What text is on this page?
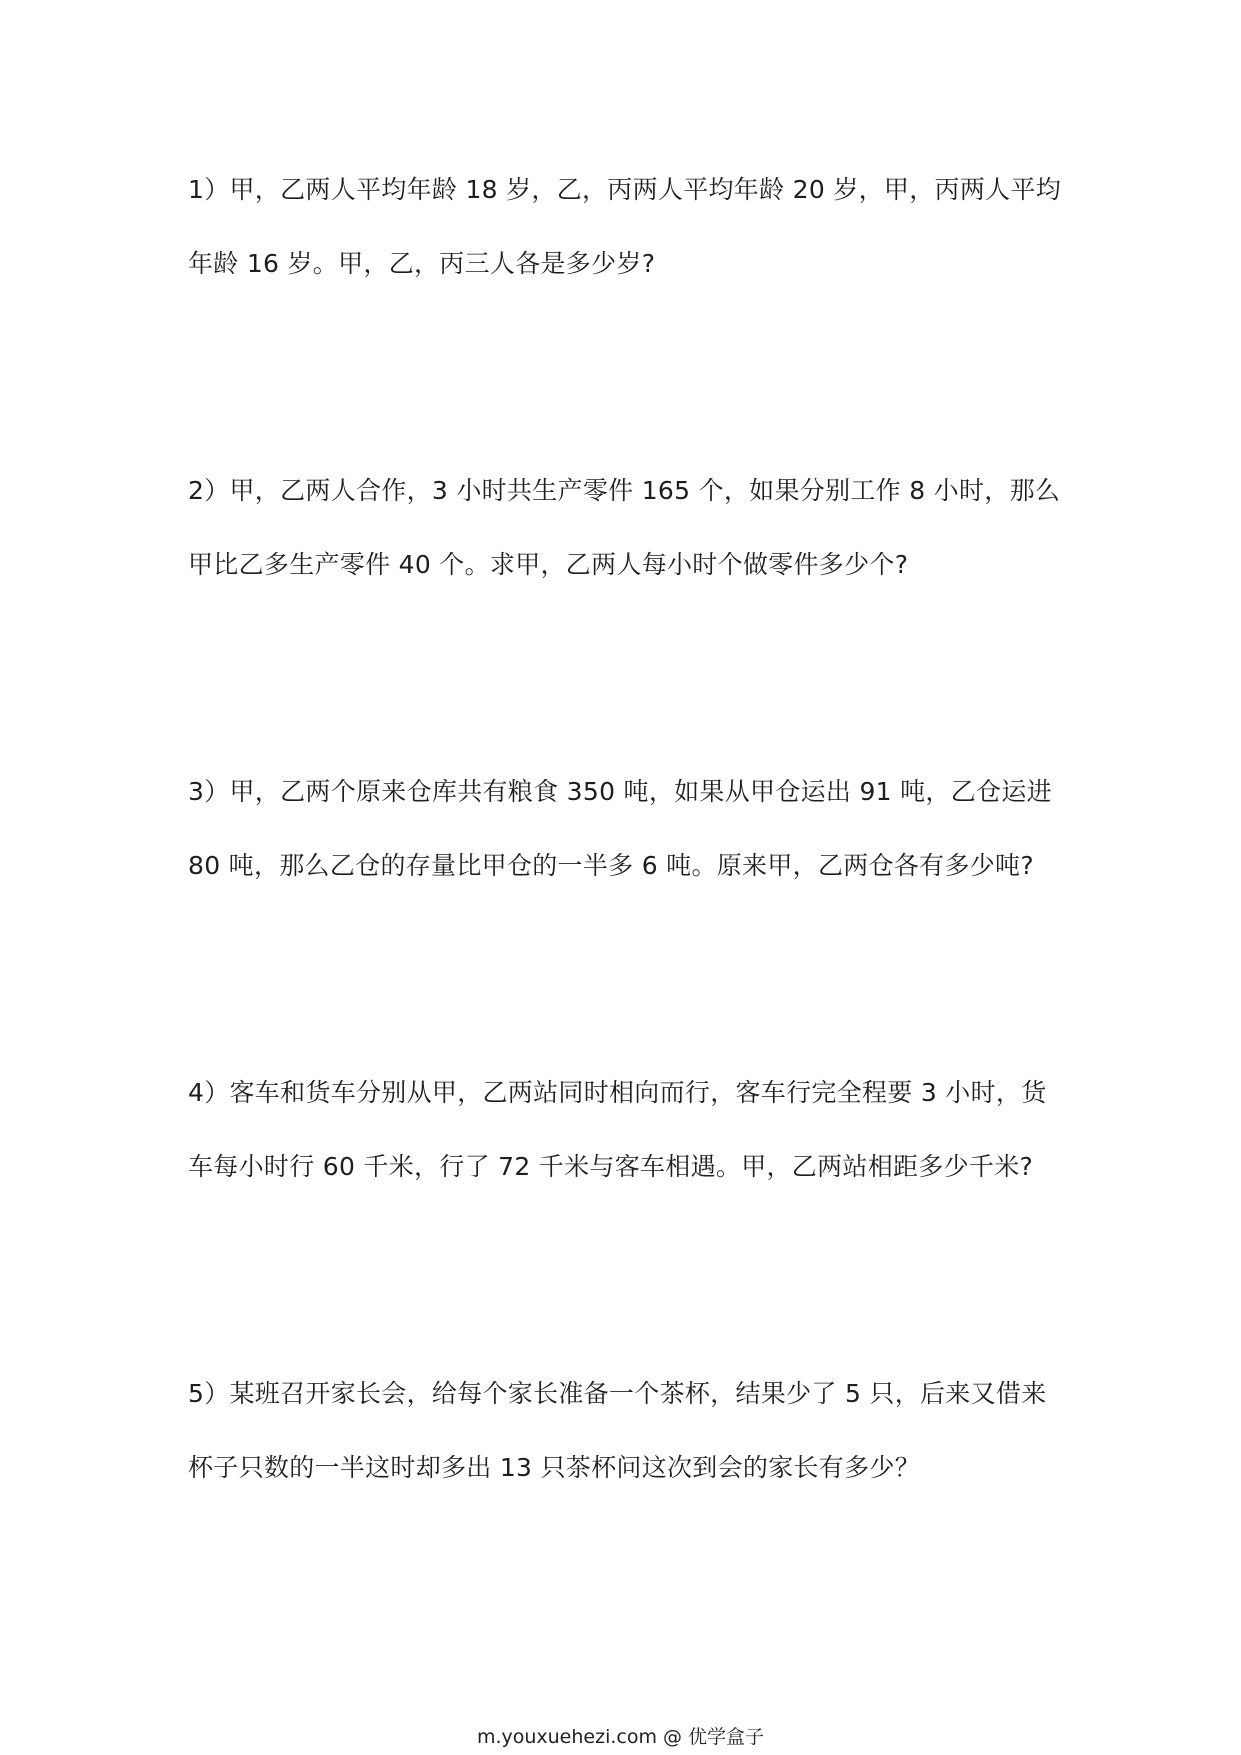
1）甲，乙两人平均年龄 18 岁，乙，丙两人平均年龄 20 岁，甲，丙两人平均
年龄 16 岁。甲，乙，丙三人各是多少岁?
2）甲，乙两人合作，3 小时共生产零件 165 个，如果分别工作 8 小时，那么
甲比乙多生产零件 40 个。求甲，乙两人每小时个做零件多少个?
3）甲，乙两个原来仓库共有粮食 350 吨，如果从甲仓运出 91 吨，乙仓运进
80 吨，那么乙仓的存量比甲仓的一半多 6 吨。原来甲，乙两仓各有多少吨?
4）客车和货车分别从甲，乙两站同时相向而行，客车行完全程要 3 小时，货
车每小时行 60 千米，行了 72 千米与客车相遇。甲，乙两站相距多少千米?
5）某班召开家长会，给每个家长准备一个茶杯，结果少了 5 只，后来又借来
杯子只数的一半这时却多出 13 只茶杯问这次到会的家长有多少？
m.youxuehezi.com @ 优学盒子
